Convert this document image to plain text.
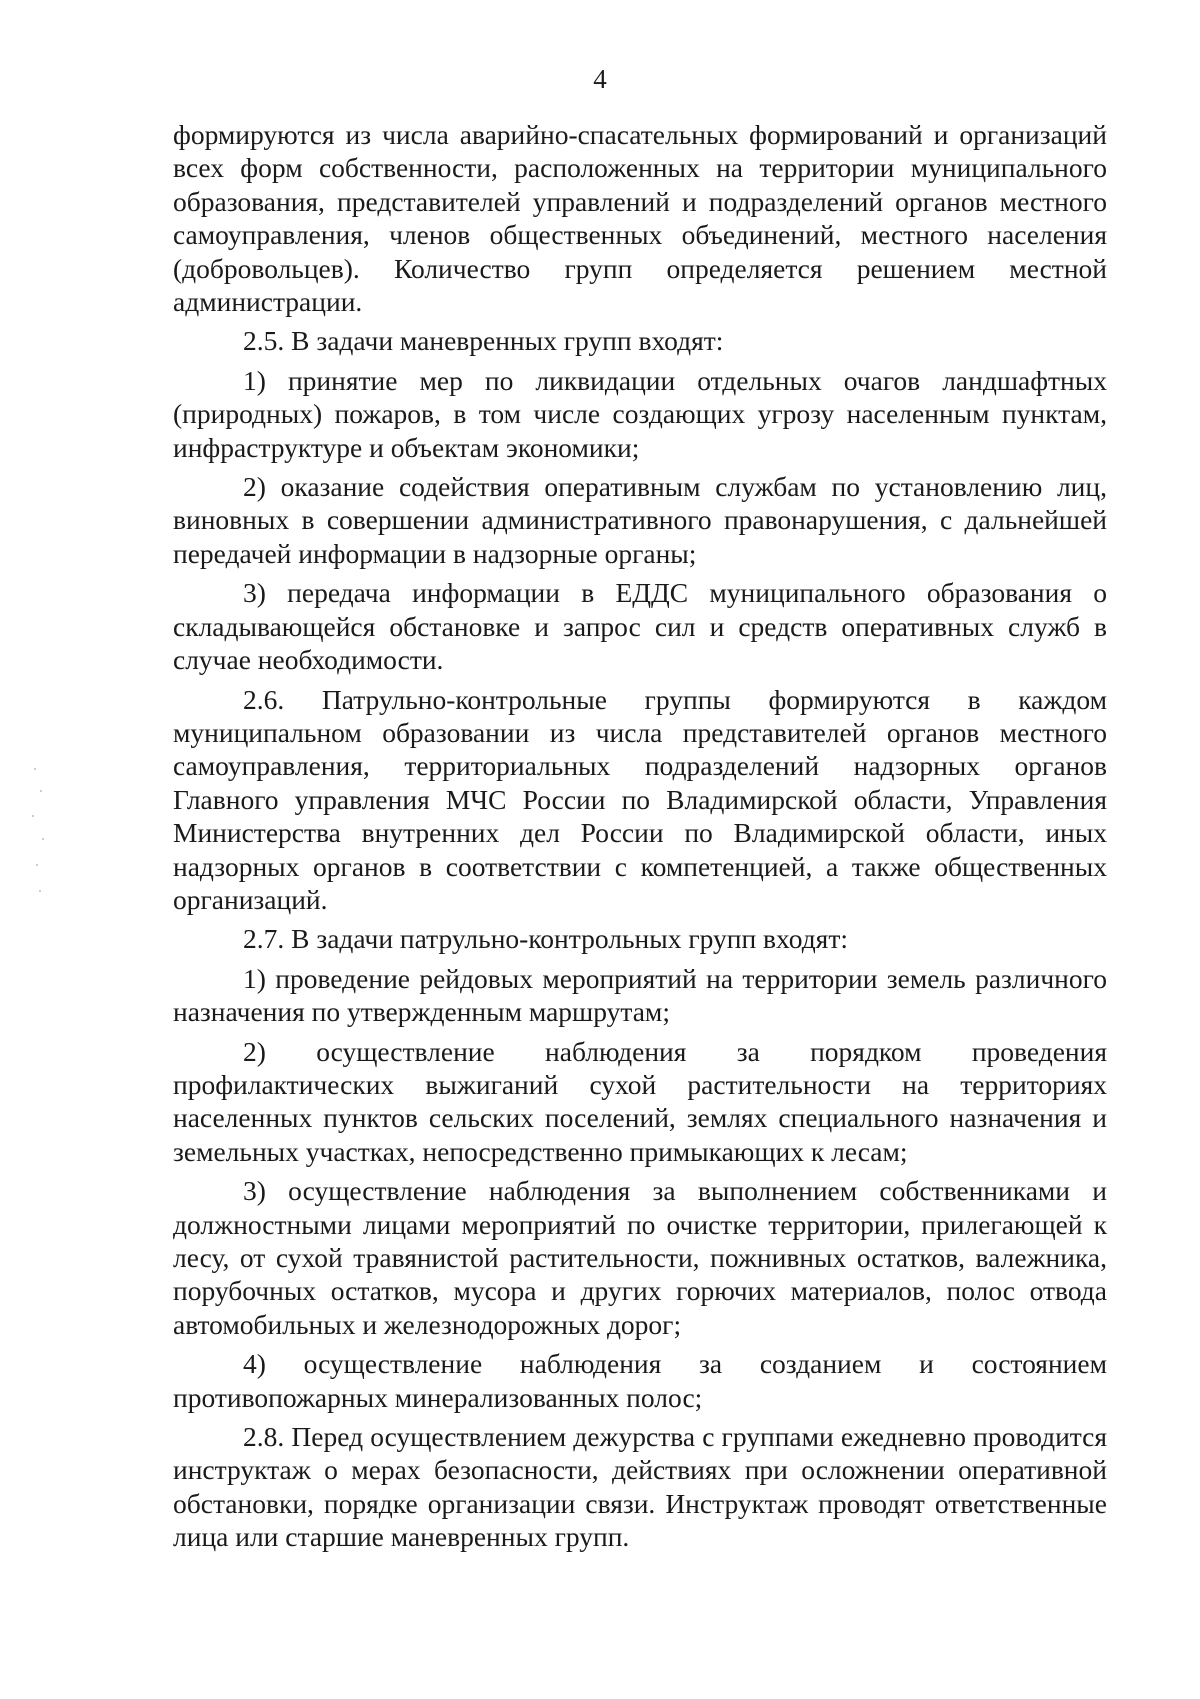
4

формируются из числа аварийно-спасательных формирований и организаций всех форм собственности, расположенных на территории муниципального образования, представителей управлений и подразделений органов местного самоуправления, членов общественных объединений, местного населения (добровольцев). Количество групп определяется решением местной администрации.

2.5. В задачи маневренных групп входят:

1) принятие мер по ликвидации отдельных очагов ландшафтных (природных) пожаров, в том числе создающих угрозу населенным пунктам, инфраструктуре и объектам экономики;

2) оказание содействия оперативным службам по установлению лиц, виновных в совершении административного правонарушения, с дальнейшей передачей информации в надзорные органы;

3) передача информации в ЕДДС муниципального образования о складывающейся обстановке и запрос сил и средств оперативных служб в случае необходимости.

2.6. Патрульно-контрольные группы формируются в каждом муниципальном образовании из числа представителей органов местного самоуправления, территориальных подразделений надзорных органов Главного управления МЧС России по Владимирской области, Управления Министерства внутренних дел России по Владимирской области, иных надзорных органов в соответствии с компетенцией, а также общественных организаций.

2.7. В задачи патрульно-контрольных групп входят:

1) проведение рейдовых мероприятий на территории земель различного назначения по утвержденным маршрутам;

2) осуществление наблюдения за порядком проведения профилактических выжиганий сухой растительности на территориях населенных пунктов сельских поселений, землях специального назначения и земельных участках, непосредственно примыкающих к лесам;

3) осуществление наблюдения за выполнением собственниками и должностными лицами мероприятий по очистке территории, прилегающей к лесу, от сухой травянистой растительности, пожнивных остатков, валежника, порубочных остатков, мусора и других горючих материалов, полос отвода автомобильных и железнодорожных дорог;

4) осуществление наблюдения за созданием и состоянием противопожарных минерализованных полос;

2.8. Перед осуществлением дежурства с группами ежедневно проводится инструктаж о мерах безопасности, действиях при осложнении оперативной обстановки, порядке организации связи. Инструктаж проводят ответственные лица или старшие маневренных групп.
